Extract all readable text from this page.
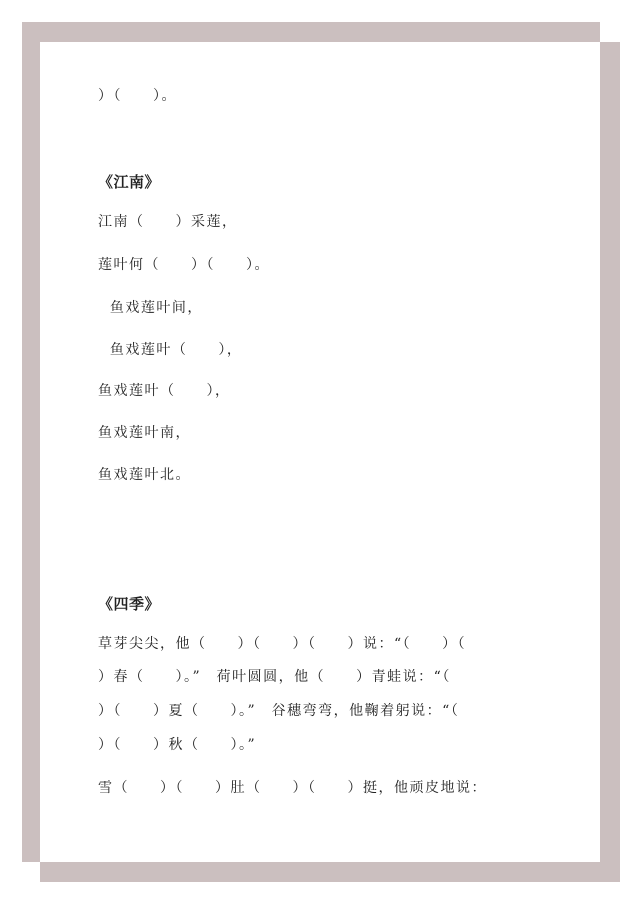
）（　　）。

《江南》

江南（　　）采莲，

莲叶何（　　）（　　）。

鱼戏莲叶间，

鱼戏莲叶（　　），

鱼戏莲叶（　　），

鱼戏莲叶南，

鱼戏莲叶北。

《四季》

草芽尖尖，他（　　）（　　）（　　）说：“（　　）（

）春（　　）。”　荷叶圆圆，他（　　）青蛙说：“（

）（　　）夏（　　）。”　谷穗弯弯，他鞠着躬说：“（

）（　　）秋（　　）。”

雪（　　）（　　）肚（　　）（　　）挺，他顽皮地说：
